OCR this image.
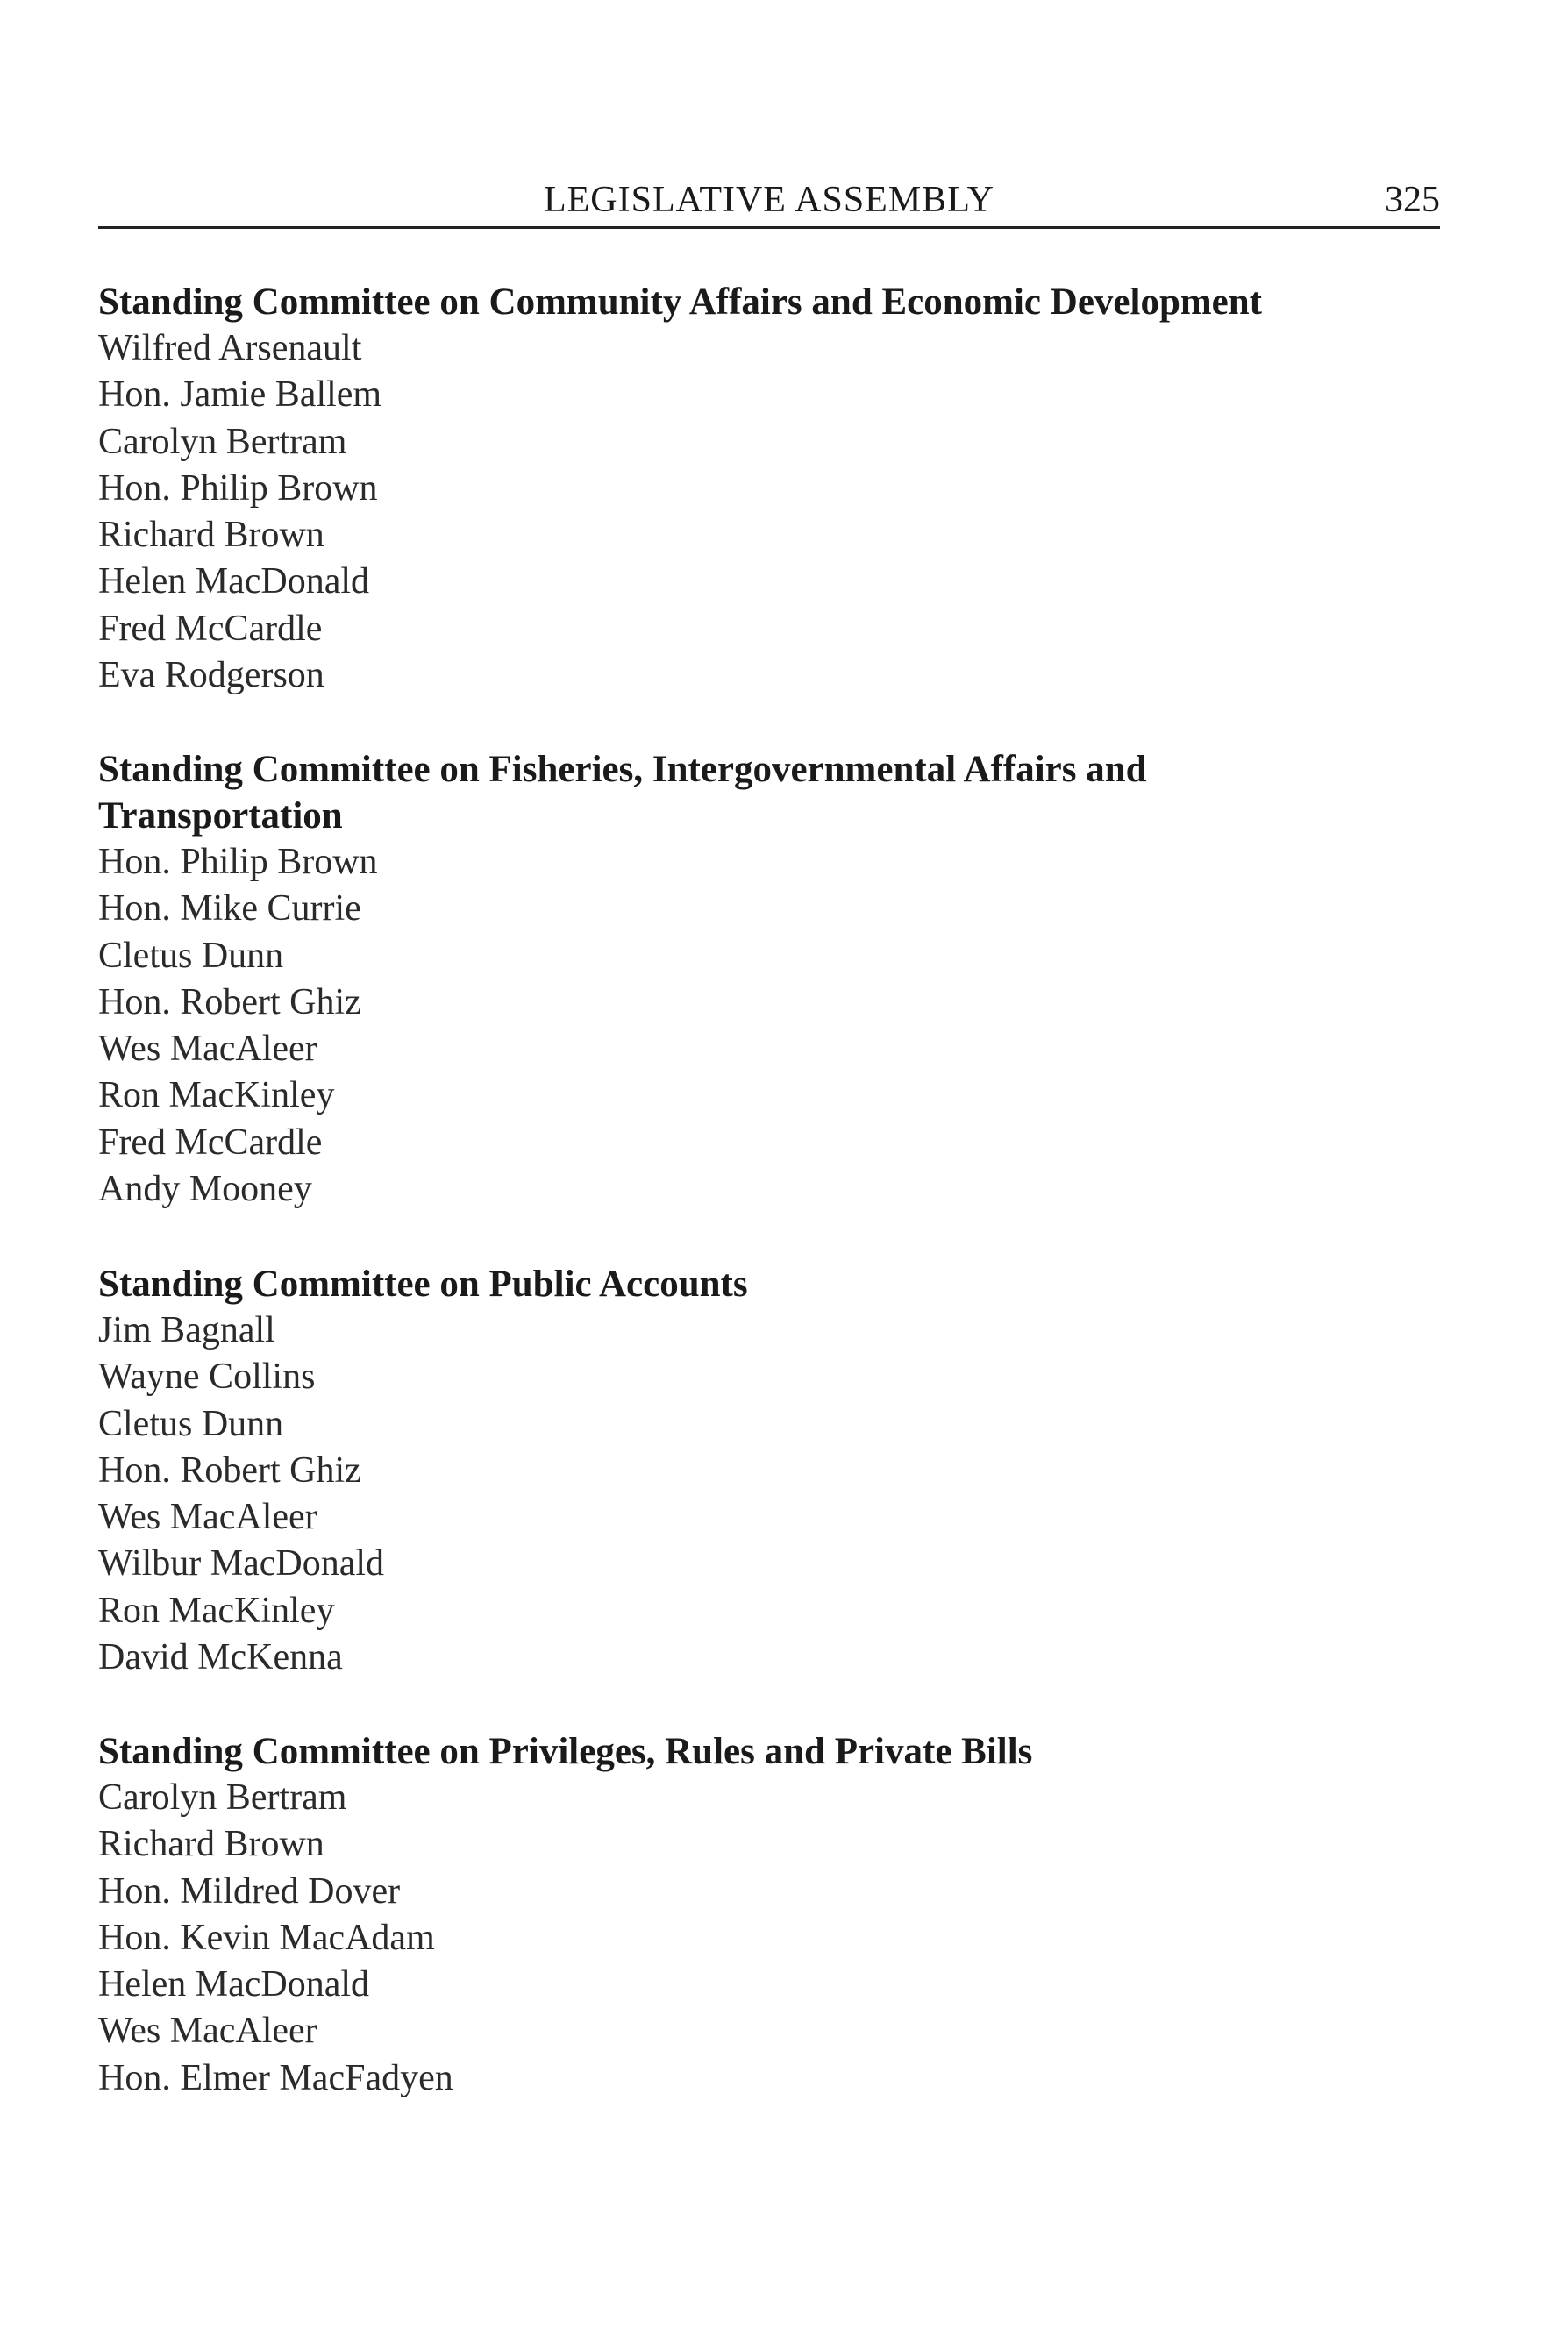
LEGISLATIVE ASSEMBLY	325
Standing Committee on Community Affairs and Economic Development
Wilfred Arsenault
Hon. Jamie Ballem
Carolyn Bertram
Hon. Philip Brown
Richard Brown
Helen MacDonald
Fred McCardle
Eva Rodgerson
Standing Committee on Fisheries, Intergovernmental Affairs and Transportation
Hon. Philip Brown
Hon. Mike Currie
Cletus Dunn
Hon. Robert Ghiz
Wes MacAleer
Ron MacKinley
Fred McCardle
Andy Mooney
Standing Committee on Public Accounts
Jim Bagnall
Wayne Collins
Cletus Dunn
Hon. Robert Ghiz
Wes MacAleer
Wilbur MacDonald
Ron MacKinley
David McKenna
Standing Committee on Privileges, Rules and Private Bills
Carolyn Bertram
Richard Brown
Hon. Mildred Dover
Hon. Kevin MacAdam
Helen MacDonald
Wes MacAleer
Hon. Elmer MacFadyen
